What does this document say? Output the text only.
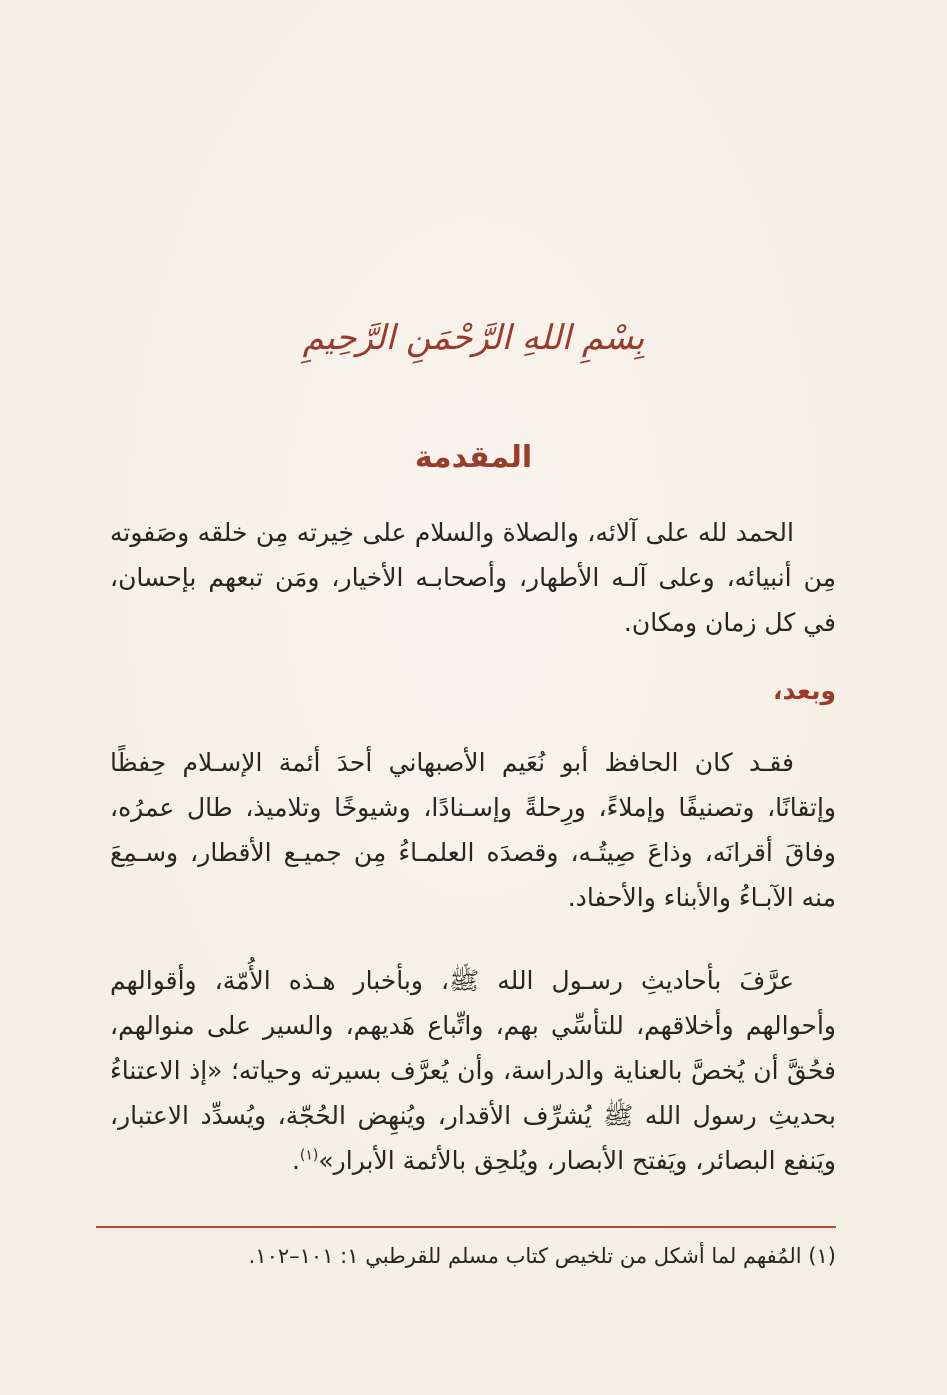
بِسْمِ اللهِ الرَّحْمَنِ الرَّحِيمِ
المقدمة
الحمد لله على آلائه، والصلاة والسلام على خِيرته مِن خلقه وصَفوته مِن أنبيائه، وعلى آلـه الأطهار، وأصحابـه الأخيار، ومَن تبعهم بإحسان، في كل زمان ومكان.
وبعد،
فقـد كان الحافظ أبو نُعَيم الأصبهاني أحدَ أئمة الإسـلام حِفظًا وإتقانًا، وتصنيفًا وإملاءً، ورِحلةً وإسـنادًا، وشيوخًا وتلاميذ، طال عمرُه، وفاقَ أقرانَه، وذاعَ صِيتُـه، وقصدَه العلمـاءُ مِن جميـع الأقطار، وسـمِعَ منه الآبـاءُ والأبناء والأحفاد.
عرَّفَ بأحاديثِ رسـول الله ﷺ، وبأخبار هـذه الأُمّة، وأقوالهم وأحوالهم وأخلاقهم، للتأسِّي بهم، واتِّباع هَديهم، والسير على منوالهم، فحُقَّ أن يُخصَّ بالعناية والدراسة، وأن يُعرَّف بسيرته وحياته؛ «إذ الاعتناءُ بحديثِ رسول الله ﷺ يُشرِّف الأقدار، ويُنهِض الحُجّة، ويُسدِّد الاعتبار، ويَنفع البصائر، ويَفتح الأبصار، ويُلحِق بالأئمة الأبرار»$^{(١)}$.
(١) المُفهم لما أشكل من تلخيص كتاب مسلم للقرطبي ١: ١٠١–١٠٢.
